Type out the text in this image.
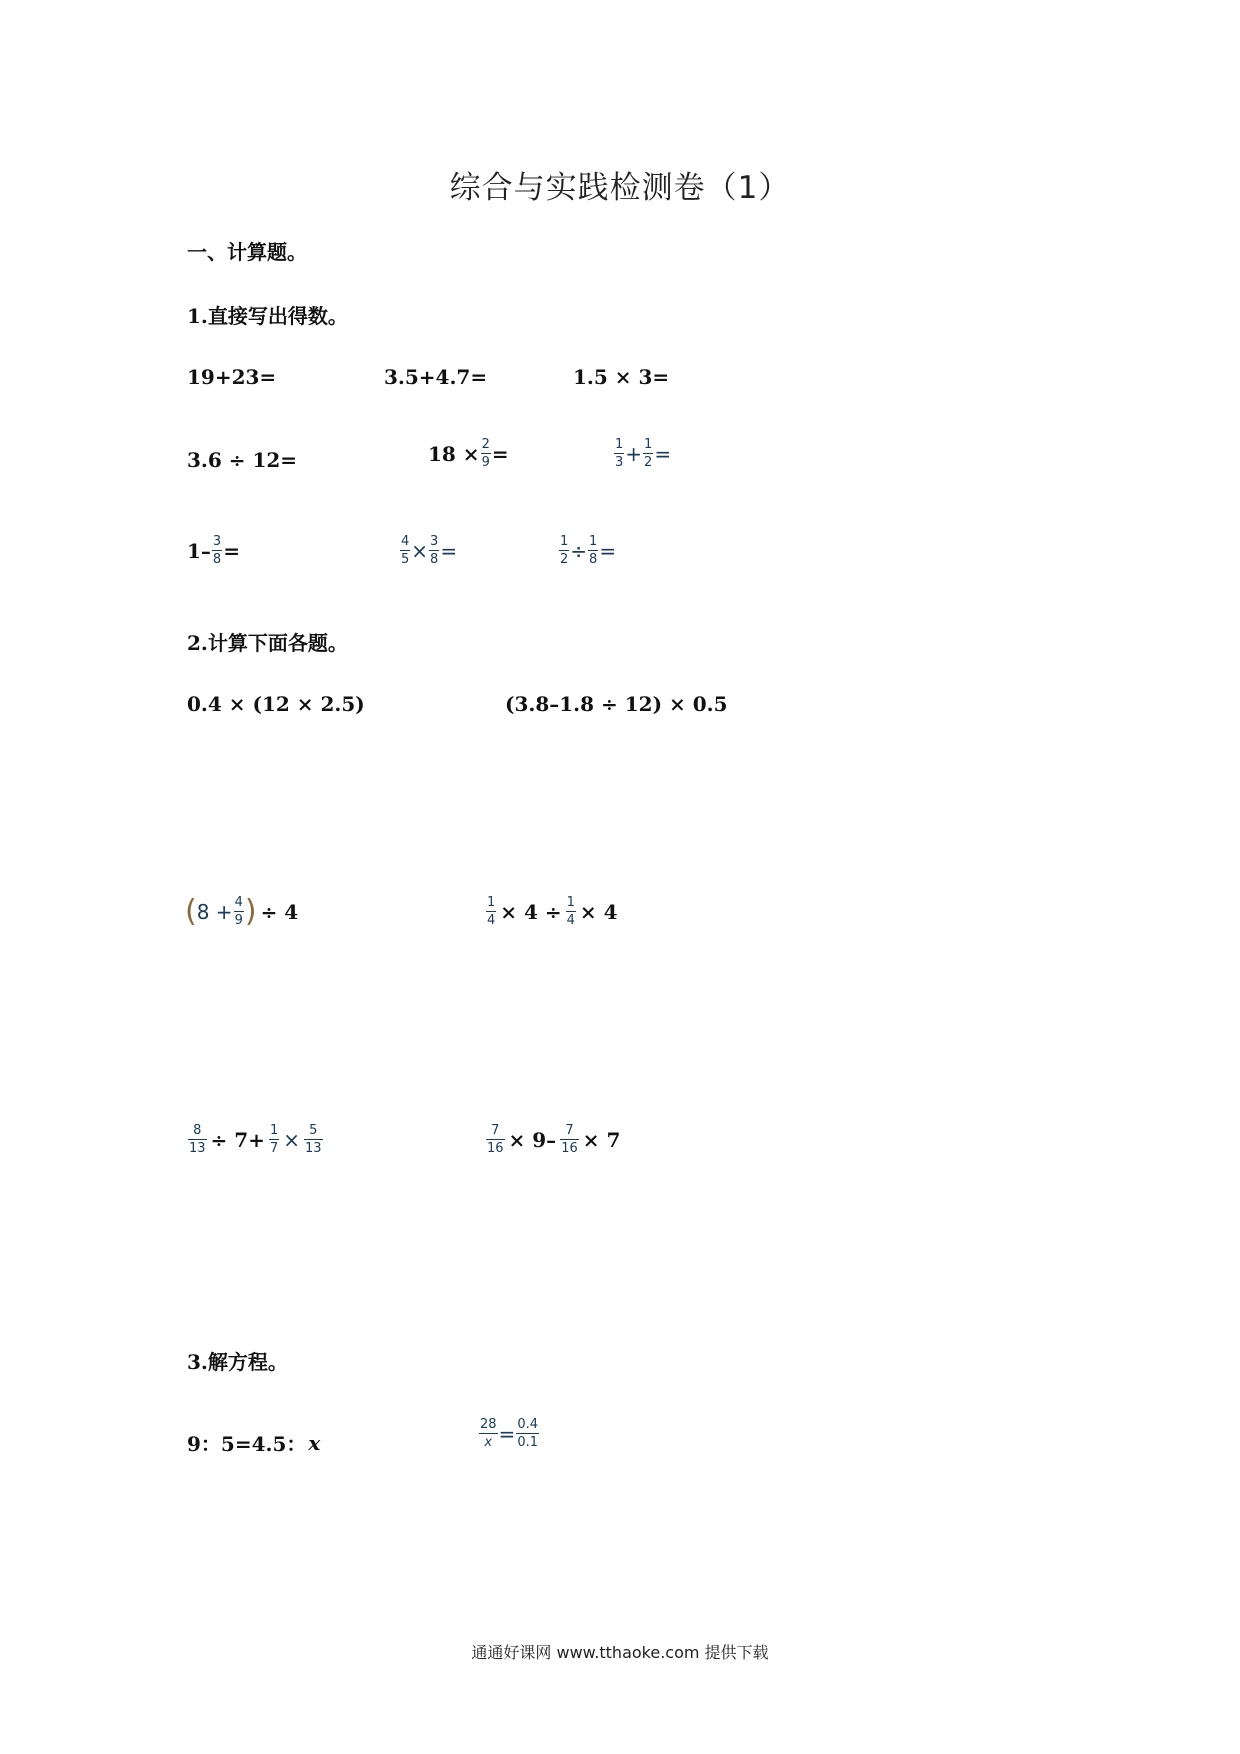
综合与实践检测卷（1）
一、计算题。
1.直接写出得数。
19+23=	3.5+4.7=	1.5 × 3=
3.6 ÷ 12=	$18 \times \frac{2}{9}$ =	$\frac{1}{3} + \frac{1}{2}$ =
$1- \frac{3}{8}$ =	$\frac{4}{5} \times \frac{3}{8}$ =	$\frac{1}{2} \div \frac{1}{8}$ =
2.计算下面各题。
0.4 × (12 × 2.5)	(3.8–1.8 ÷ 12) × 0.5
( $8 + \frac{4}{9}$ ) ÷ 4	$\frac{1}{4} \times 4 \div \frac{1}{4} \times 4$
$\frac{8}{13} \div 7+ \frac{1}{7} \times \frac{5}{13}$	$\frac{7}{16} \times 9- \frac{7}{16} \times 7$
3.解方程。
9：5=4.5： x	$\frac{28}{x} = \frac{0.4}{0.1}$
通通好课网 www.tthaoke.com 提供下载
